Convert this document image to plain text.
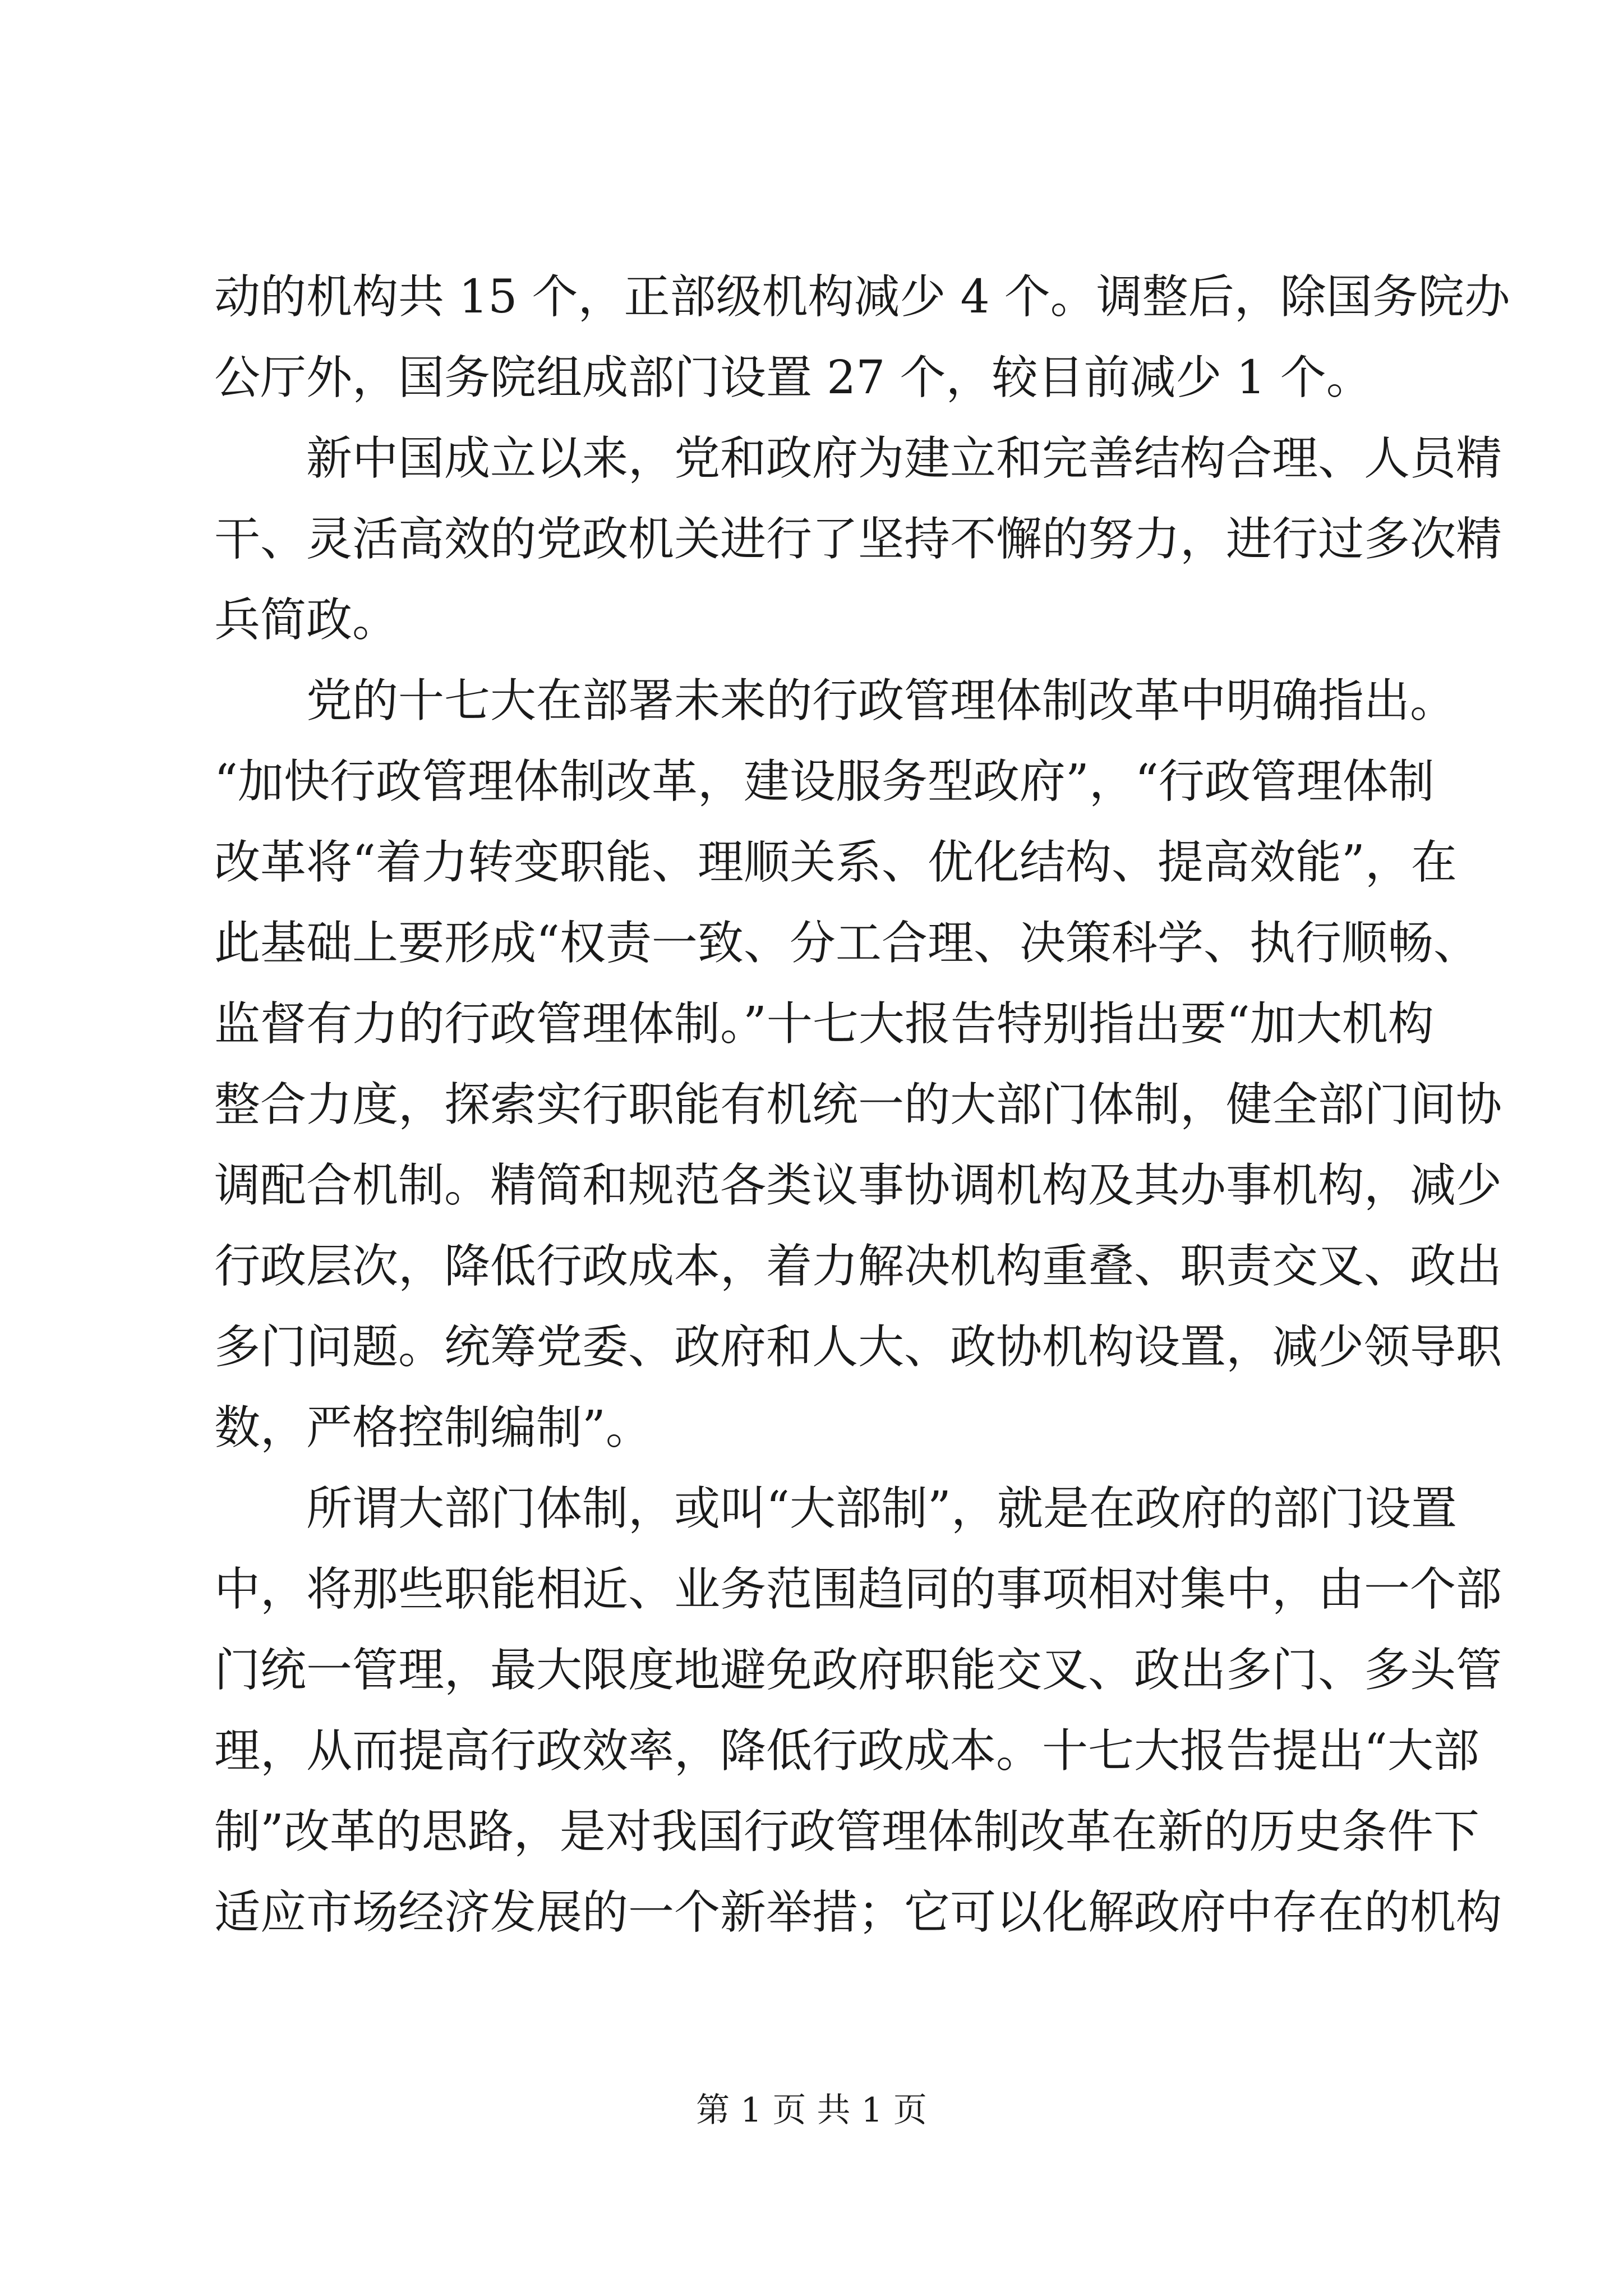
动的机构共 15 个，正部级机构减少 4 个。调整后，除国务院办
公厅外，国务院组成部门设置 27 个，较目前减少 1 个。
新中国成立以来，党和政府为建立和完善结构合理、人员精
干、灵活高效的党政机关进行了坚持不懈的努力，进行过多次精
兵简政。
党的十七大在部署未来的行政管理体制改革中明确指出。
“加快行政管理体制改革，建设服务型政府”，“行政管理体制
改革将“着力转变职能、理顺关系、优化结构、提高效能”，在
此基础上要形成“权责一致、分工合理、决策科学、执行顺畅、
监督有力的行政管理体制。”十七大报告特别指出要“加大机构
整合力度，探索实行职能有机统一的大部门体制，健全部门间协
调配合机制。精简和规范各类议事协调机构及其办事机构，减少
行政层次，降低行政成本，着力解决机构重叠、职责交叉、政出
多门问题。统筹党委、政府和人大、政协机构设置，减少领导职
数，严格控制编制”。
所谓大部门体制，或叫“大部制”，就是在政府的部门设置
中，将那些职能相近、业务范围趋同的事项相对集中，由一个部
门统一管理，最大限度地避免政府职能交叉、政出多门、多头管
理，从而提高行政效率，降低行政成本。十七大报告提出“大部
制”改革的思路，是对我国行政管理体制改革在新的历史条件下
适应市场经济发展的一个新举措；它可以化解政府中存在的机构
第 1 页 共 1 页
